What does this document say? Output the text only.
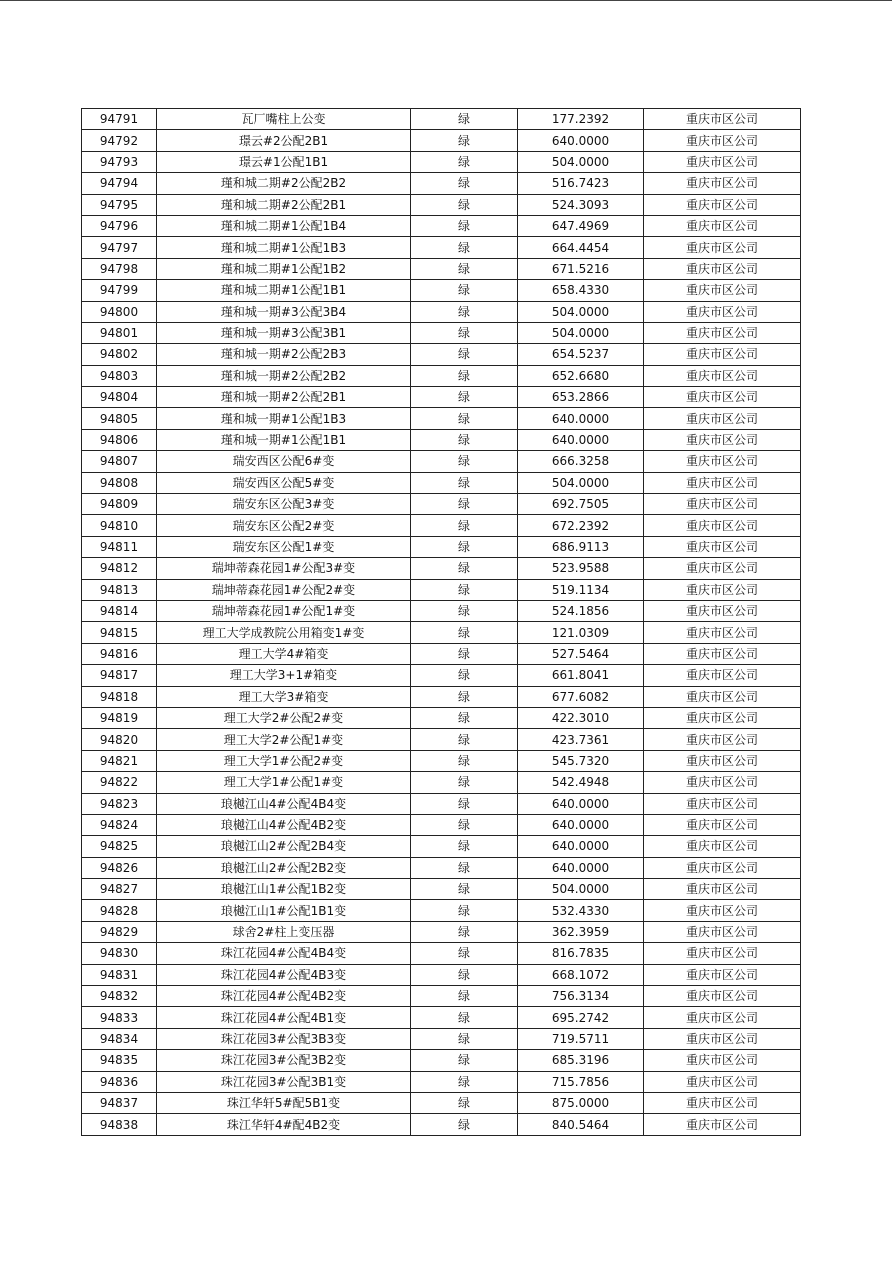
94791	瓦厂嘴柱上公变	绿	177.2392	重庆市区公司
94792	璟云#2公配2B1	绿	640.0000	重庆市区公司
94793	璟云#1公配1B1	绿	504.0000	重庆市区公司
94794	瑾和城二期#2公配2B2	绿	516.7423	重庆市区公司
94795	瑾和城二期#2公配2B1	绿	524.3093	重庆市区公司
94796	瑾和城二期#1公配1B4	绿	647.4969	重庆市区公司
94797	瑾和城二期#1公配1B3	绿	664.4454	重庆市区公司
94798	瑾和城二期#1公配1B2	绿	671.5216	重庆市区公司
94799	瑾和城二期#1公配1B1	绿	658.4330	重庆市区公司
94800	瑾和城一期#3公配3B4	绿	504.0000	重庆市区公司
94801	瑾和城一期#3公配3B1	绿	504.0000	重庆市区公司
94802	瑾和城一期#2公配2B3	绿	654.5237	重庆市区公司
94803	瑾和城一期#2公配2B2	绿	652.6680	重庆市区公司
94804	瑾和城一期#2公配2B1	绿	653.2866	重庆市区公司
94805	瑾和城一期#1公配1B3	绿	640.0000	重庆市区公司
94806	瑾和城一期#1公配1B1	绿	640.0000	重庆市区公司
94807	瑞安西区公配6#变	绿	666.3258	重庆市区公司
94808	瑞安西区公配5#变	绿	504.0000	重庆市区公司
94809	瑞安东区公配3#变	绿	692.7505	重庆市区公司
94810	瑞安东区公配2#变	绿	672.2392	重庆市区公司
94811	瑞安东区公配1#变	绿	686.9113	重庆市区公司
94812	瑞坤蒂森花园1#公配3#变	绿	523.9588	重庆市区公司
94813	瑞坤蒂森花园1#公配2#变	绿	519.1134	重庆市区公司
94814	瑞坤蒂森花园1#公配1#变	绿	524.1856	重庆市区公司
94815	理工大学成教院公用箱变1#变	绿	121.0309	重庆市区公司
94816	理工大学4#箱变	绿	527.5464	重庆市区公司
94817	理工大学3+1#箱变	绿	661.8041	重庆市区公司
94818	理工大学3#箱变	绿	677.6082	重庆市区公司
94819	理工大学2#公配2#变	绿	422.3010	重庆市区公司
94820	理工大学2#公配1#变	绿	423.7361	重庆市区公司
94821	理工大学1#公配2#变	绿	545.7320	重庆市区公司
94822	理工大学1#公配1#变	绿	542.4948	重庆市区公司
94823	琅樾江山4#公配4B4变	绿	640.0000	重庆市区公司
94824	琅樾江山4#公配4B2变	绿	640.0000	重庆市区公司
94825	琅樾江山2#公配2B4变	绿	640.0000	重庆市区公司
94826	琅樾江山2#公配2B2变	绿	640.0000	重庆市区公司
94827	琅樾江山1#公配1B2变	绿	504.0000	重庆市区公司
94828	琅樾江山1#公配1B1变	绿	532.4330	重庆市区公司
94829	球舍2#柱上变压器	绿	362.3959	重庆市区公司
94830	珠江花园4#公配4B4变	绿	816.7835	重庆市区公司
94831	珠江花园4#公配4B3变	绿	668.1072	重庆市区公司
94832	珠江花园4#公配4B2变	绿	756.3134	重庆市区公司
94833	珠江花园4#公配4B1变	绿	695.2742	重庆市区公司
94834	珠江花园3#公配3B3变	绿	719.5711	重庆市区公司
94835	珠江花园3#公配3B2变	绿	685.3196	重庆市区公司
94836	珠江花园3#公配3B1变	绿	715.7856	重庆市区公司
94837	珠江华轩5#配5B1变	绿	875.0000	重庆市区公司
94838	珠江华轩4#配4B2变	绿	840.5464	重庆市区公司
